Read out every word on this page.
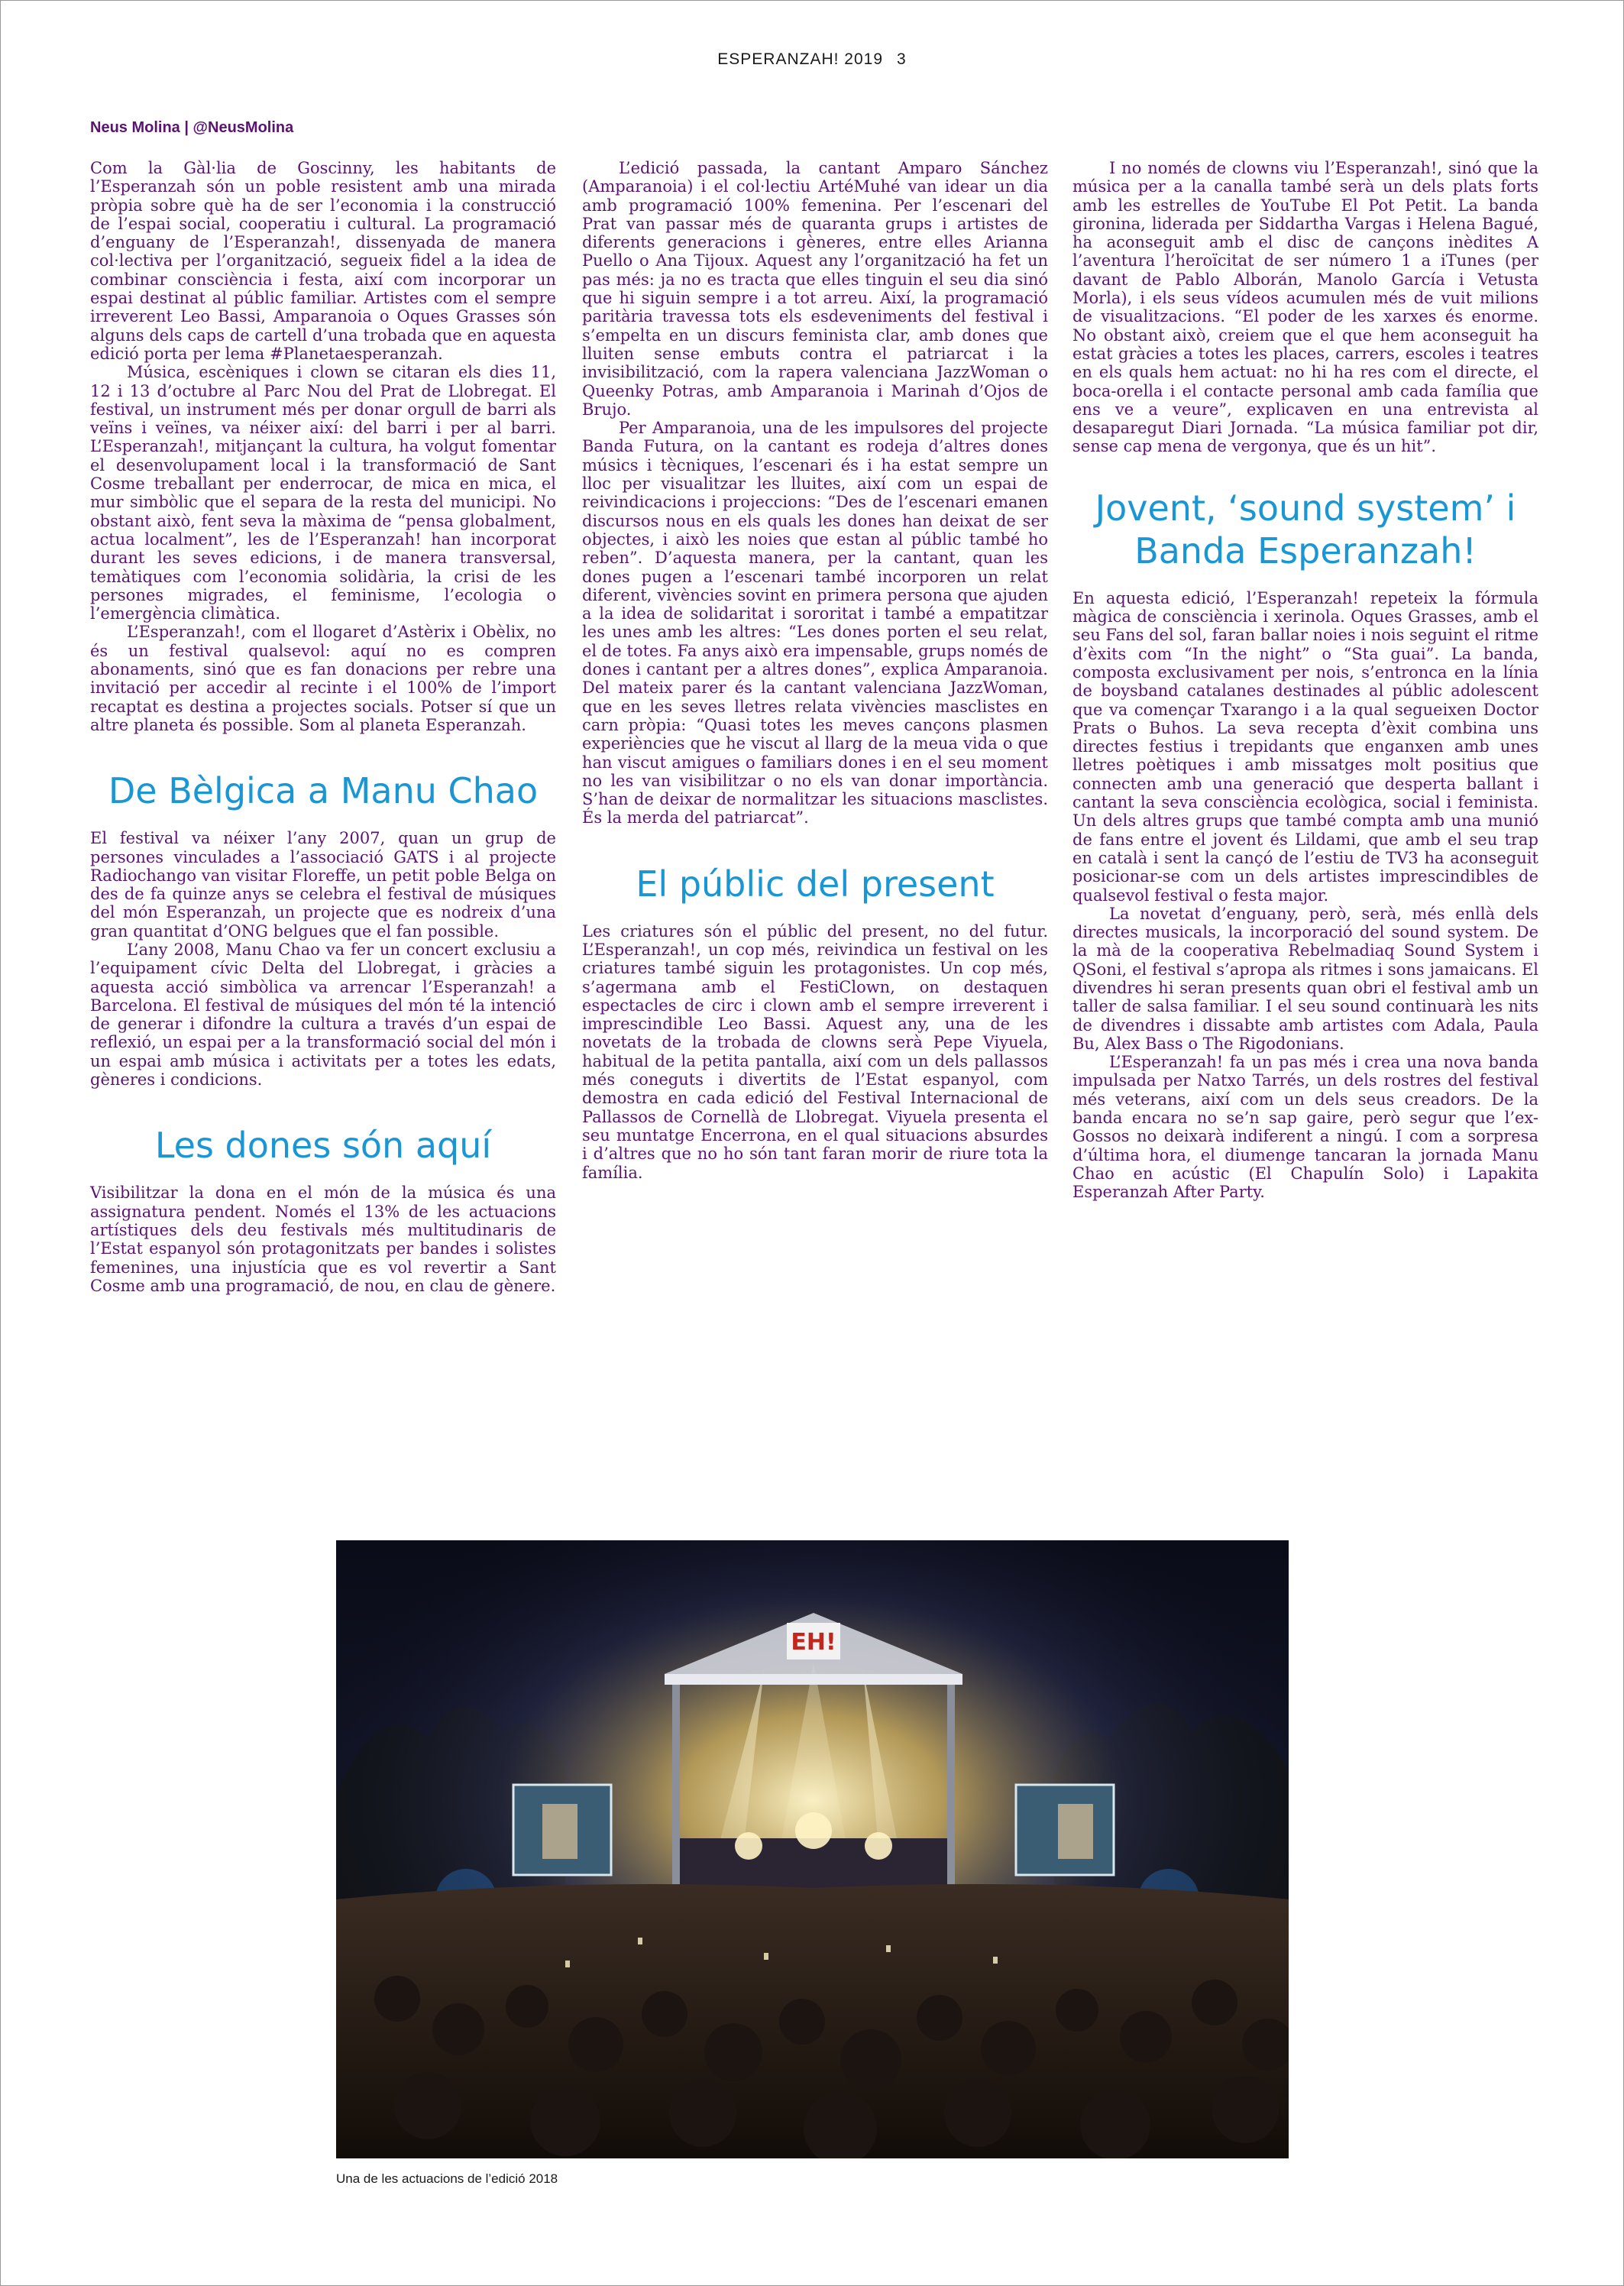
ESPERANZAH! 2019 3
Neus Molina | @NeusMolina

Com la Gàl·lia de Goscinny, les habitants de l’Esperanzah són un poble resistent amb una mirada pròpia sobre què ha de ser l’economia i la construcció de l’espai social, cooperatiu i cultural. La programació d’enguany de l’Esperanzah!, dissenyada de manera col·lectiva per l’organització, segueix fidel a la idea de combinar consciència i festa, així com incorporar un espai destinat al públic familiar. Artistes com el sempre irreverent Leo Bassi, Amparanoia o Oques Grasses són alguns dels caps de cartell d’una trobada que en aquesta edició porta per lema #Planetaesperanzah.

Música, escèniques i clown se citaran els dies 11, 12 i 13 d’octubre al Parc Nou del Prat de Llobregat. El festival, un instrument més per donar orgull de barri als veïns i veïnes, va néixer així: del barri i per al barri. L’Esperanzah!, mitjançant la cultura, ha volgut fomentar el desenvolupament local i la transformació de Sant Cosme treballant per enderrocar, de mica en mica, el mur simbòlic que el separa de la resta del municipi. No obstant això, fent seva la màxima de “pensa globalment, actua localment”, les de l’Esperanzah! han incorporat durant les seves edicions, i de manera transversal, temàtiques com l’economia solidària, la crisi de les persones migrades, el feminisme, l’ecologia o l’emergència climàtica.

L’Esperanzah!, com el llogaret d’Astèrix i Obèlix, no és un festival qualsevol: aquí no es compren abonaments, sinó que es fan donacions per rebre una invitació per accedir al recinte i el 100% de l’import recaptat es destina a projectes socials. Potser sí que un altre planeta és possible. Som al planeta Esperanzah.

De Bèlgica a Manu Chao

El festival va néixer l’any 2007, quan un grup de persones vinculades a l’associació GATS i al projecte Radiochango van visitar Floreffe, un petit poble Belga on des de fa quinze anys se celebra el festival de músiques del món Esperanzah, un projecte que es nodreix d’una gran quantitat d’ONG belgues que el fan possible.

L’any 2008, Manu Chao va fer un concert exclusiu a l’equipament cívic Delta del Llobregat, i gràcies a aquesta acció simbòlica va arrencar l’Esperanzah! a Barcelona. El festival de músiques del món té la intenció de generar i difondre la cultura a través d’un espai de reflexió, un espai per a la transformació social del món i un espai amb música i activitats per a totes les edats, gèneres i condicions.

Les dones són aquí

Visibilitzar la dona en el món de la música és una assignatura pendent. Només el 13% de les actuacions artístiques dels deu festivals més multitudinaris de l’Estat espanyol són protagonitzats per bandes i solistes femenines, una injustícia que es vol revertir a Sant Cosme amb una programació, de nou, en clau de gènere.

L’edició passada, la cantant Amparo Sánchez (Amparanoia) i el col·lectiu ArtéMuhé van idear un dia amb programació 100% femenina. Per l’escenari del Prat van passar més de quaranta grups i artistes de diferents generacions i gèneres, entre elles Arianna Puello o Ana Tijoux. Aquest any l’organització ha fet un pas més: ja no es tracta que elles tinguin el seu dia sinó que hi siguin sempre i a tot arreu. Així, la programació paritària travessa tots els esdeveniments del festival i s’empelta en un discurs feminista clar, amb dones que lluiten sense embuts contra el patriarcat i la invisibilització, com la rapera valenciana JazzWoman o Queenky Potras, amb Amparanoia i Marinah d’Ojos de Brujo.

Per Amparanoia, una de les impulsores del projecte Banda Futura, on la cantant es rodeja d’altres dones músics i tècniques, l’escenari és i ha estat sempre un lloc per visualitzar les lluites, així com un espai de reivindicacions i projeccions: “Des de l’escenari emanen discursos nous en els quals les dones han deixat de ser objectes, i això les noies que estan al públic també ho reben”. D’aquesta manera, per la cantant, quan les dones pugen a l’escenari també incorporen un relat diferent, vivències sovint en primera persona que ajuden a la idea de solidaritat i sororitat i també a empatitzar les unes amb les altres: “Les dones porten el seu relat, el de totes. Fa anys això era impensable, grups només de dones i cantant per a altres dones”, explica Amparanoia. Del mateix parer és la cantant valenciana JazzWoman, que en les seves lletres relata vivències masclistes en carn pròpia: “Quasi totes les meves cançons plasmen experiències que he viscut al llarg de la meua vida o que han viscut amigues o familiars dones i en el seu moment no les van visibilitzar o no els van donar importància. S’han de deixar de normalitzar les situacions masclistes. És la merda del patriarcat”.

El públic del present

Les criatures són el públic del present, no del futur. L’Esperanzah!, un cop més, reivindica un festival on les criatures també siguin les protagonistes. Un cop més, s’agermana amb el FestiClown, on destaquen espectacles de circ i clown amb el sempre irreverent i imprescindible Leo Bassi. Aquest any, una de les novetats de la trobada de clowns serà Pepe Viyuela, habitual de la petita pantalla, així com un dels pallassos més coneguts i divertits de l’Estat espanyol, com demostra en cada edició del Festival Internacional de Pallassos de Cornellà de Llobregat. Viyuela presenta el seu muntatge Encerrona, en el qual situacions absurdes i d’altres que no ho són tant faran morir de riure tota la família.

I no només de clowns viu l’Esperanzah!, sinó que la música per a la canalla també serà un dels plats forts amb les estrelles de YouTube El Pot Petit. La banda gironina, liderada per Siddartha Vargas i Helena Bagué, ha aconseguit amb el disc de cançons inèdites A l’aventura l’heroïcitat de ser número 1 a iTunes (per davant de Pablo Alborán, Manolo García i Vetusta Morla), i els seus vídeos acumulen més de vuit milions de visualitzacions. “El poder de les xarxes és enorme. No obstant això, creiem que el que hem aconseguit ha estat gràcies a totes les places, carrers, escoles i teatres en els quals hem actuat: no hi ha res com el directe, el boca-orella i el contacte personal amb cada família que ens ve a veure”, explicaven en una entrevista al desaparegut Diari Jornada. “La música familiar pot dir, sense cap mena de vergonya, que és un hit”.

Jovent, ‘sound system’ i Banda Esperanzah!

En aquesta edició, l’Esperanzah! repeteix la fórmula màgica de consciència i xerinola. Oques Grasses, amb el seu Fans del sol, faran ballar noies i nois seguint el ritme d’èxits com “In the night” o “Sta guai”. La banda, composta exclusivament per nois, s’entronca en la línia de boysband catalanes destinades al públic adolescent que va començar Txarango i a la qual segueixen Doctor Prats o Buhos. La seva recepta d’èxit combina uns directes festius i trepidants que enganxen amb unes lletres poètiques i amb missatges molt positius que connecten amb una generació que desperta ballant i cantant la seva consciència ecològica, social i feminista. Un dels altres grups que també compta amb una munió de fans entre el jovent és Lildami, que amb el seu trap en català i sent la cançó de l’estiu de TV3 ha aconseguit posicionar-se com un dels artistes imprescindibles de qualsevol festival o festa major.

La novetat d’enguany, però, serà, més enllà dels directes musicals, la incorporació del sound system. De la mà de la cooperativa Rebelmadiaq Sound System i QSoni, el festival s’apropa als ritmes i sons jamaicans. El divendres hi seran presents quan obri el festival amb un taller de salsa familiar. I el seu sound continuarà les nits de divendres i dissabte amb artistes com Adala, Paula Bu, Alex Bass o The Rigodonians.

L’Esperanzah! fa un pas més i crea una nova banda impulsada per Natxo Tarrés, un dels rostres del festival més veterans, així com un dels seus creadors. De la banda encara no se’n sap gaire, però segur que l’ex-Gossos no deixarà indiferent a ningú. I com a sorpresa d’última hora, el diumenge tancaran la jornada Manu Chao en acústic (El Chapulín Solo) i Lapakita Esperanzah After Party.

EH!
Una de les actuacions de l’edició 2018
